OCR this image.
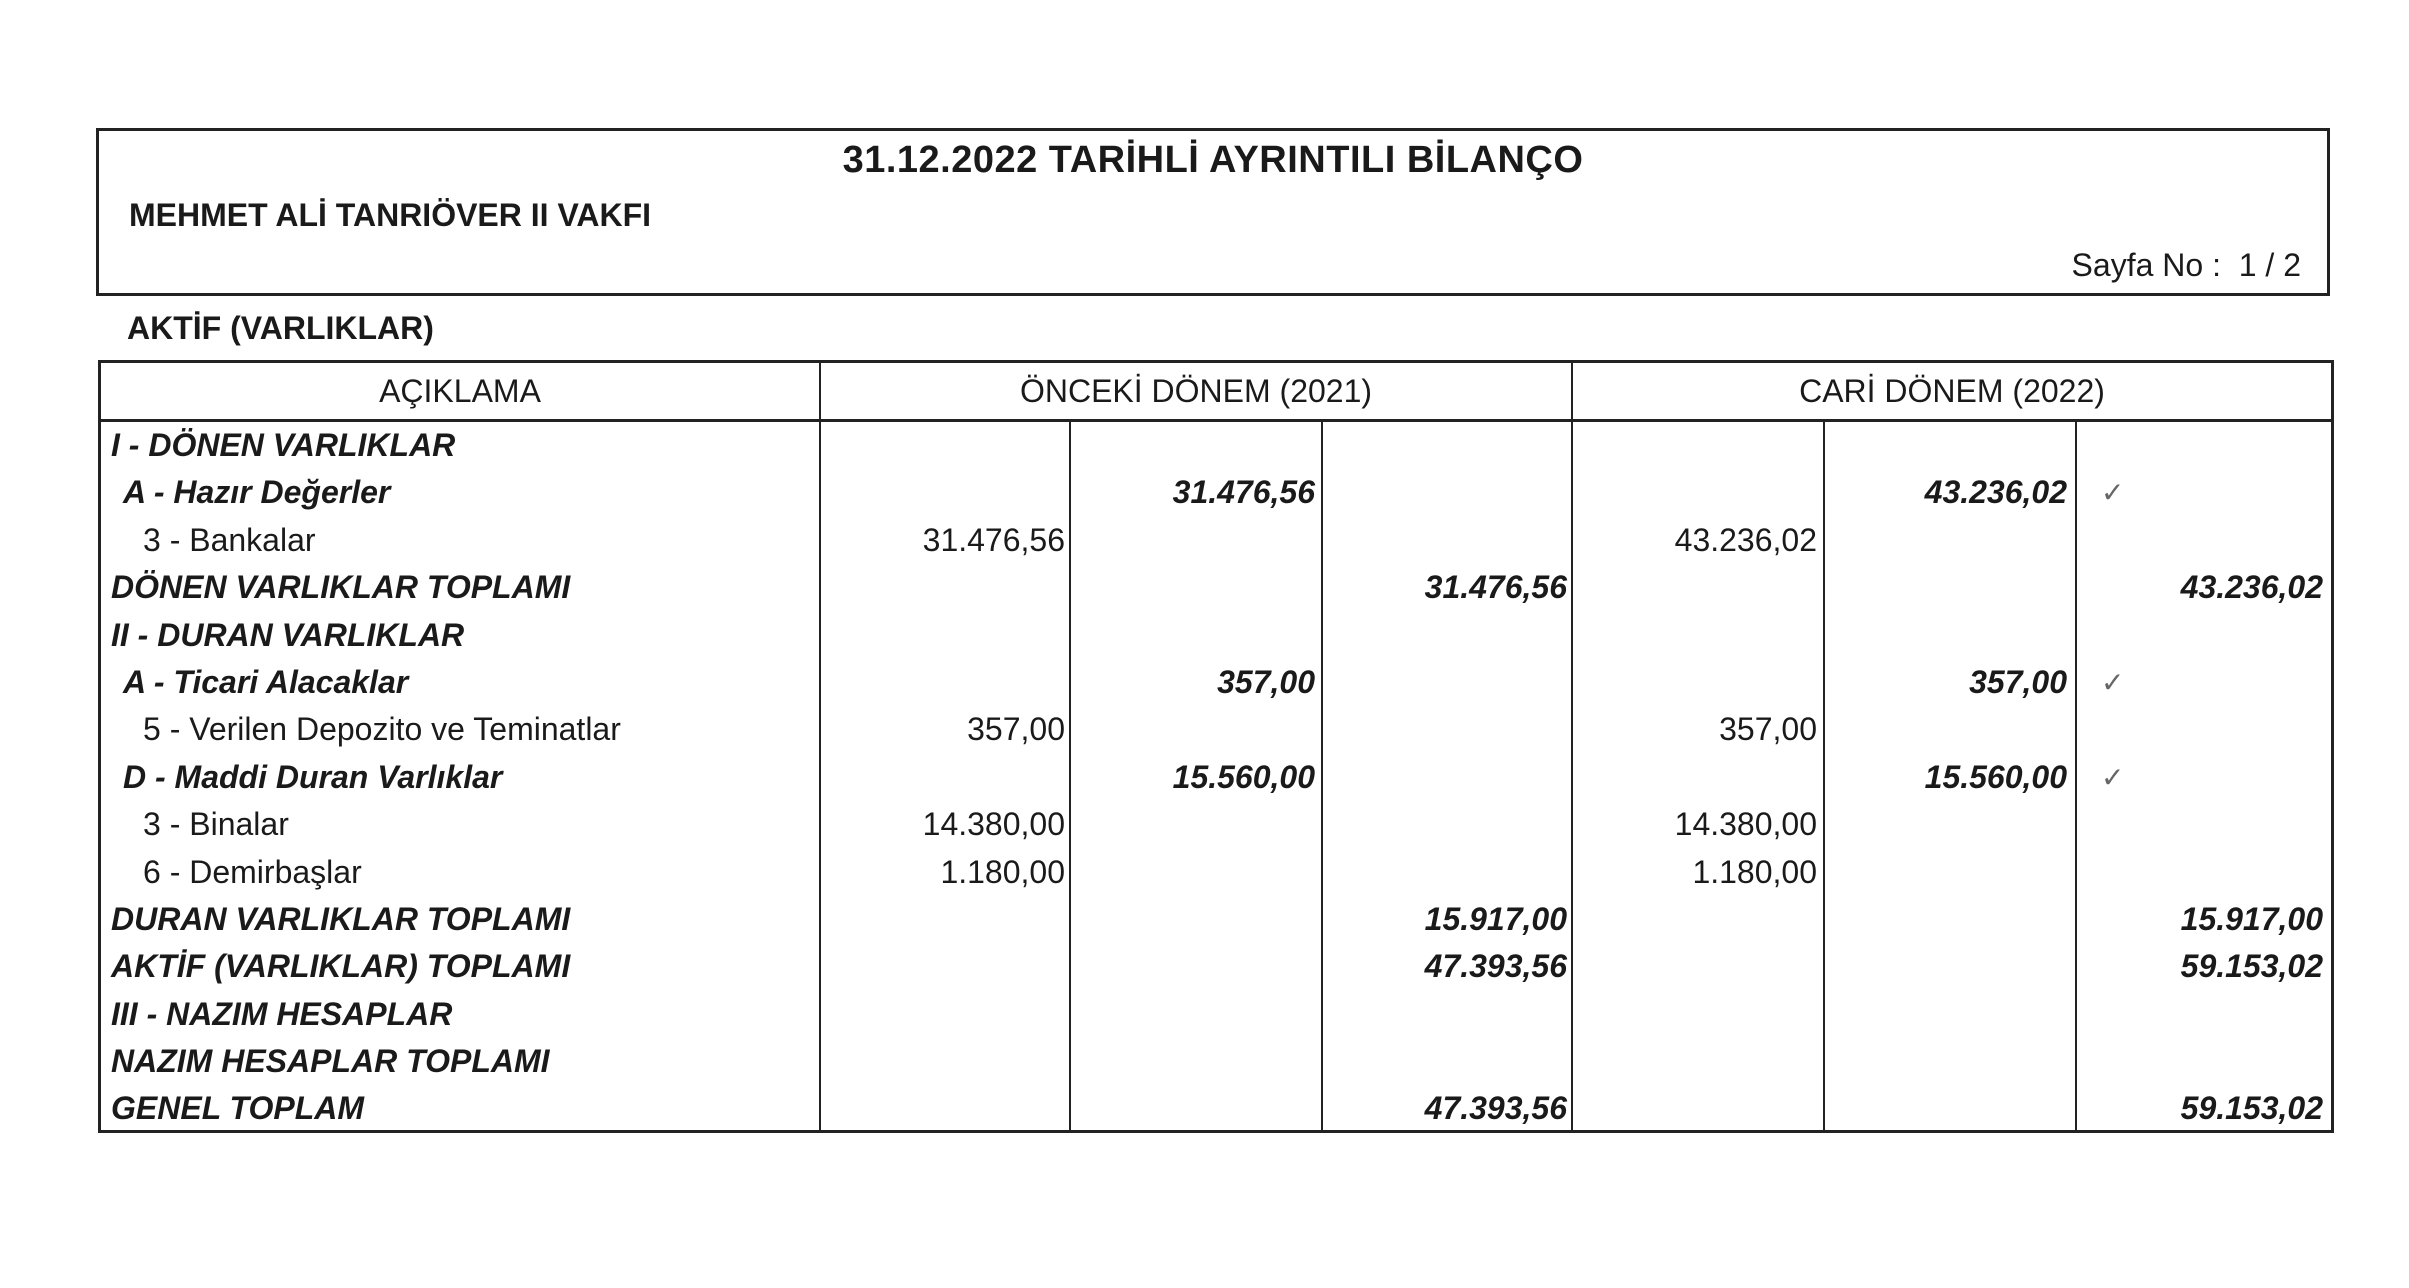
31.12.2022 TARİHLİ AYRINTILI BİLANÇO
MEHMET ALİ TANRIÖVER II VAKFI
Sayfa No :  1 / 2
AKTİF (VARLIKLAR)
AÇIKLAMA	ÖNCEKİ DÖNEM (2021)	CARİ DÖNEM (2022)
I - DÖNEN VARLIKLAR
A - Hazır Değerler	31.476,56	43.236,02 ✓
3 - Bankalar	31.476,56	43.236,02
DÖNEN VARLIKLAR TOPLAMI	31.476,56	43.236,02
II - DURAN VARLIKLAR
A - Ticari Alacaklar	357,00	357,00 ✓
5 - Verilen Depozito ve Teminatlar	357,00	357,00
D - Maddi Duran Varlıklar	15.560,00	15.560,00 ✓
3 - Binalar	14.380,00	14.380,00
6 - Demirbaşlar	1.180,00	1.180,00
DURAN VARLIKLAR TOPLAMI	15.917,00	15.917,00
AKTİF (VARLIKLAR) TOPLAMI	47.393,56	59.153,02
III - NAZIM HESAPLAR
NAZIM HESAPLAR TOPLAMI
GENEL TOPLAM	47.393,56	59.153,02
